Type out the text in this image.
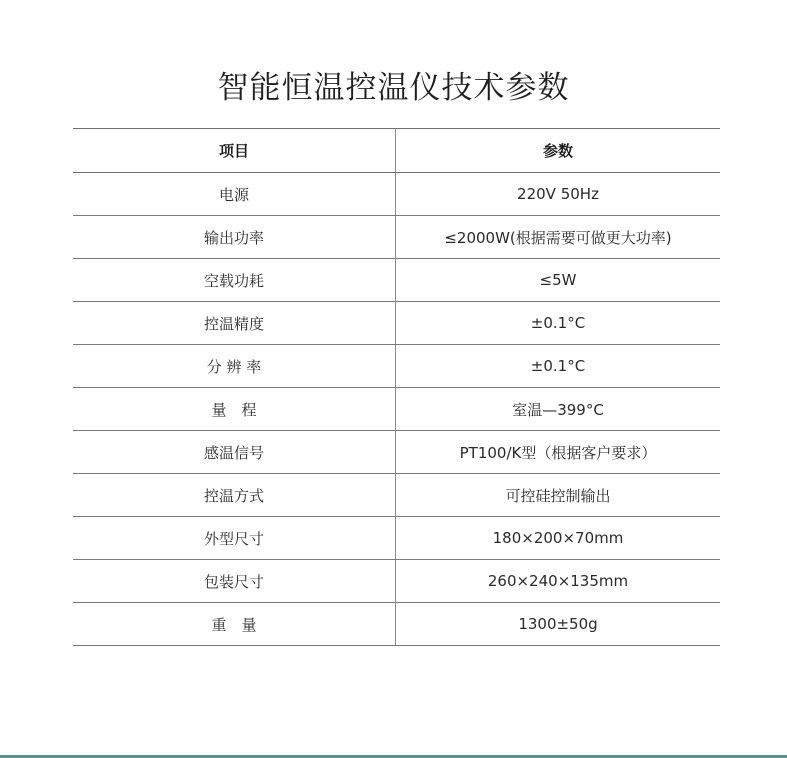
智能恒温控温仪技术参数
项目	参数
电源	220V 50Hz
输出功率	≤2000W(根据需要可做更大功率)
空载功耗	≤5W
控温精度	±0.1°C
分 辨 率	±0.1°C
量　程	室温—399°C
感温信号	PT100/K型（根据客户要求）
控温方式	可控硅控制输出
外型尺寸	180×200×70mm
包装尺寸	260×240×135mm
重　量	1300±50g
